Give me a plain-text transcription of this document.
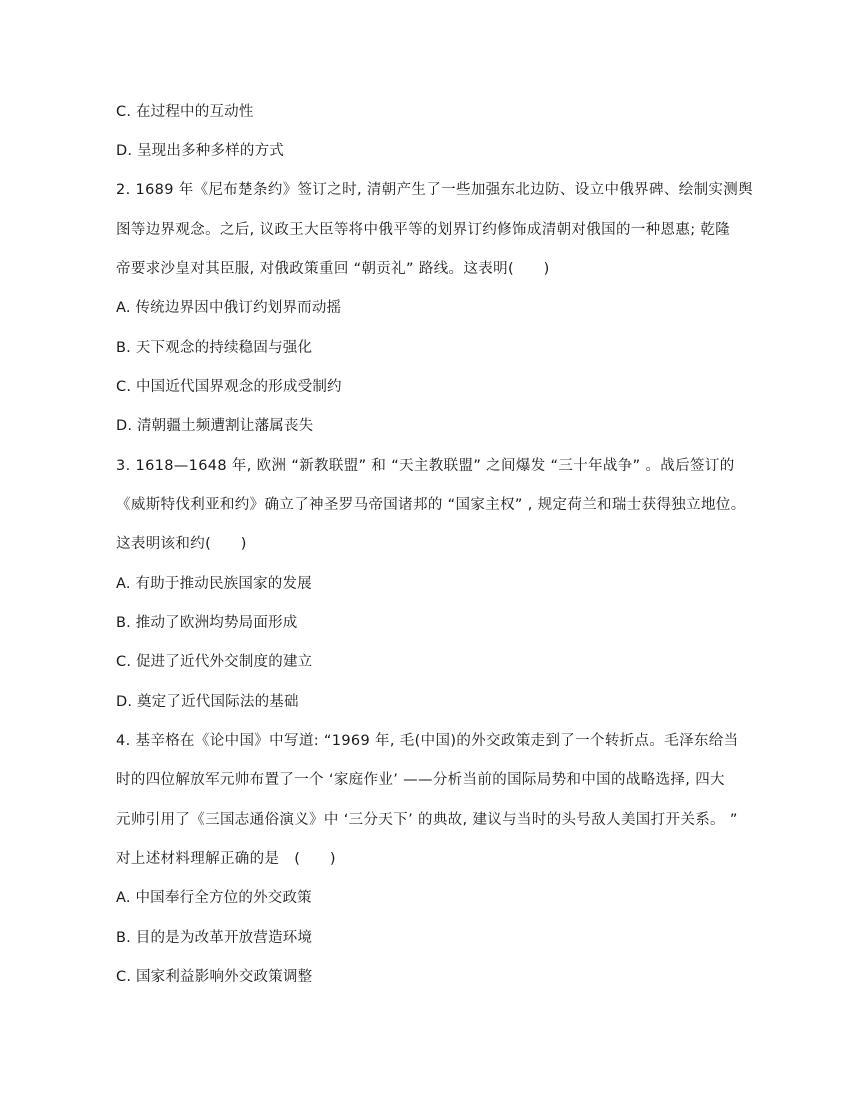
C. 在过程中的互动性
D. 呈现出多种多样的方式
2. 1689 年《尼布楚条约》签订之时, 清朝产生了一些加强东北边防、设立中俄界碑、绘制实测舆
图等边界观念。之后, 议政王大臣等将中俄平等的划界订约修饰成清朝对俄国的一种恩惠; 乾隆
帝要求沙皇对其臣服, 对俄政策重回 “朝贡礼” 路线。这表明(　　)
A. 传统边界因中俄订约划界而动摇
B. 天下观念的持续稳固与强化
C. 中国近代国界观念的形成受制约
D. 清朝疆土频遭割让藩属丧失
3. 1618—1648 年, 欧洲 “新教联盟” 和 “天主教联盟” 之间爆发 “三十年战争” 。战后签订的
《威斯特伐利亚和约》确立了神圣罗马帝国诸邦的 “国家主权” , 规定荷兰和瑞士获得独立地位。
这表明该和约(　　)
A. 有助于推动民族国家的发展
B. 推动了欧洲均势局面形成
C. 促进了近代外交制度的建立
D. 奠定了近代国际法的基础
4. 基辛格在《论中国》中写道: “1969 年, 毛(中国)的外交政策走到了一个转折点。毛泽东给当
时的四位解放军元帅布置了一个 ‘家庭作业’ ——分析当前的国际局势和中国的战略选择, 四大
元帅引用了《三国志通俗演义》中 ‘三分天下’ 的典故, 建议与当时的头号敌人美国打开关系。 ”
对上述材料理解正确的是　(　　)
A. 中国奉行全方位的外交政策
B. 目的是为改革开放营造环境
C. 国家利益影响外交政策调整
